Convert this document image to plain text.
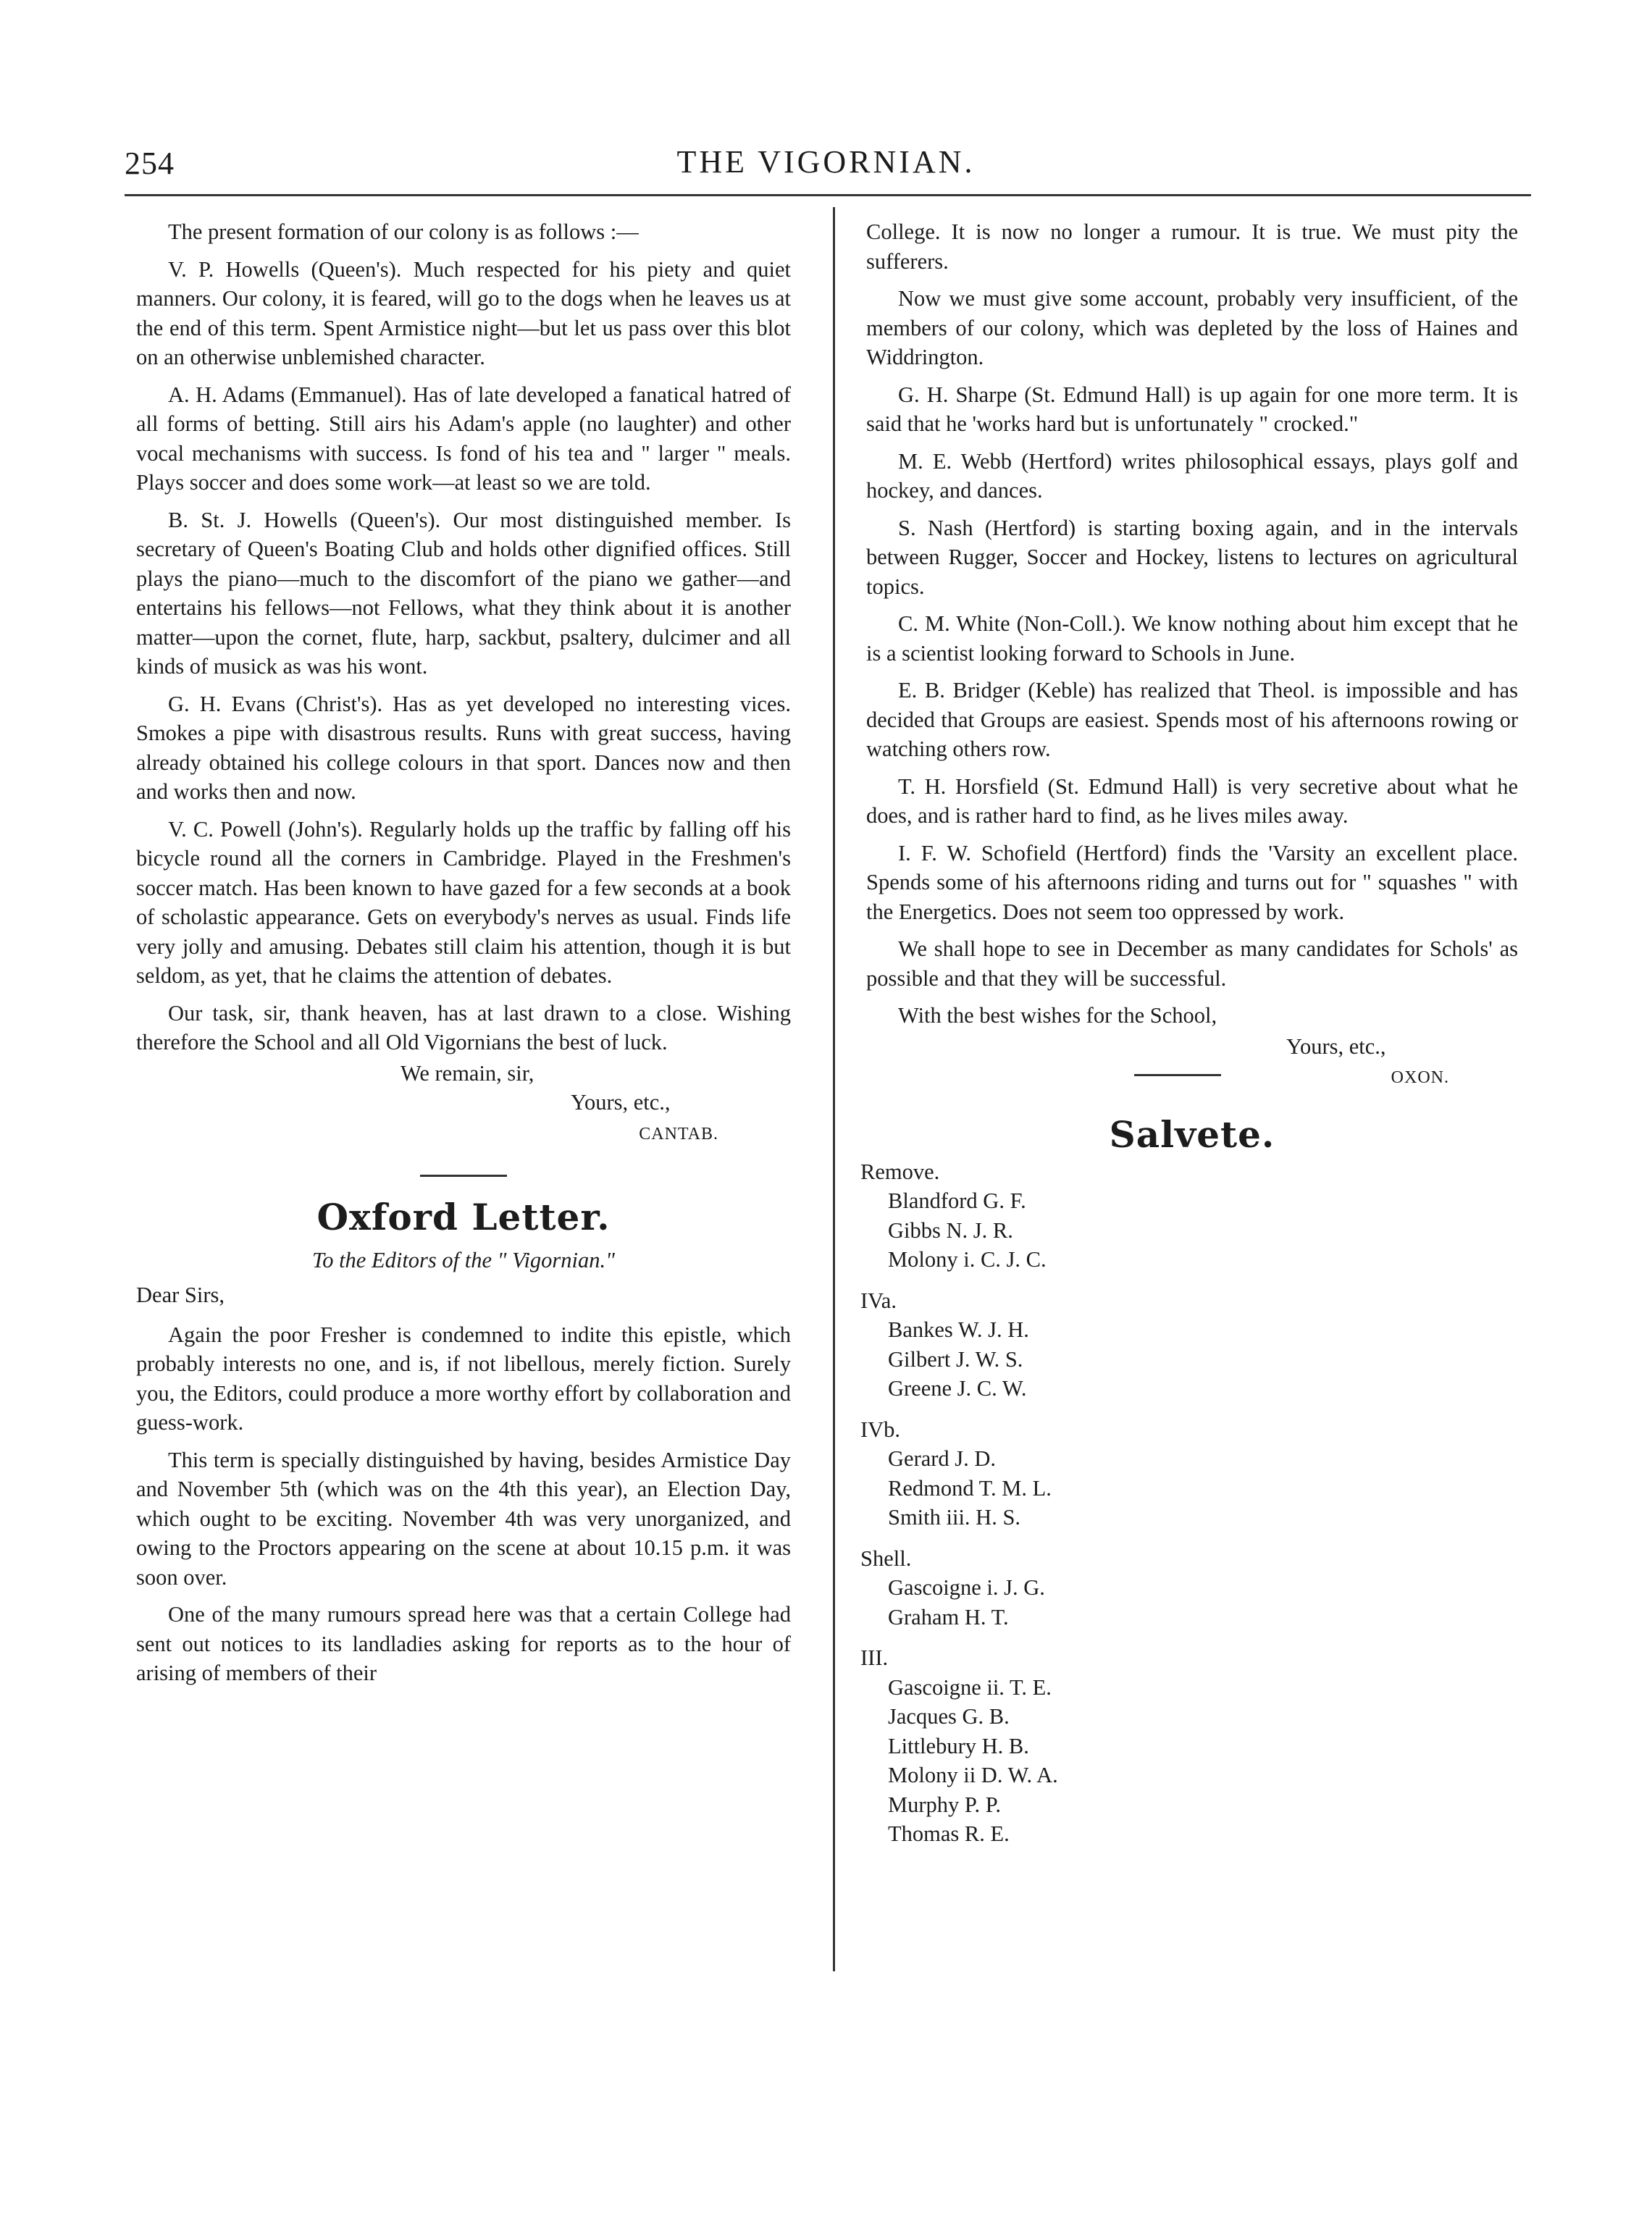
254	THE VIGORNIAN.

The present formation of our colony is as follows :—

V. P. Howells (Queen's). Much respected for his piety and quiet manners. Our colony, it is feared, will go to the dogs when he leaves us at the end of this term. Spent Armistice night—but let us pass over this blot on an otherwise unblemished character.

A. H. Adams (Emmanuel). Has of late developed a fanatical hatred of all forms of betting. Still airs his Adam's apple (no laughter) and other vocal mechanisms with success. Is fond of his tea and " larger " meals. Plays soccer and does some work—at least so we are told.

B. St. J. Howells (Queen's). Our most distinguished member. Is secretary of Queen's Boating Club and holds other dignified offices. Still plays the piano—much to the discomfort of the piano we gather—and entertains his fellows—not Fellows, what they think about it is another matter—upon the cornet, flute, harp, sackbut, psaltery, dulcimer and all kinds of musick as was his wont.

G. H. Evans (Christ's). Has as yet developed no interesting vices. Smokes a pipe with disastrous results. Runs with great success, having already obtained his college colours in that sport. Dances now and then and works then and now.

V. C. Powell (John's). Regularly holds up the traffic by falling off his bicycle round all the corners in Cambridge. Played in the Freshmen's soccer match. Has been known to have gazed for a few seconds at a book of scholastic appearance. Gets on everybody's nerves as usual. Finds life very jolly and amusing. Debates still claim his attention, though it is but seldom, as yet, that he claims the attention of debates.

Our task, sir, thank heaven, has at last drawn to a close. Wishing therefore the School and all Old Vigornians the best of luck.

We remain, sir,
Yours, etc.,
CANTAB.
Oxford Letter.
To the Editors of the " Vigornian."
Dear Sirs,

Again the poor Fresher is condemned to indite this epistle, which probably interests no one, and is, if not libellous, merely fiction. Surely you, the Editors, could produce a more worthy effort by collaboration and guess-work.

This term is specially distinguished by having, besides Armistice Day and November 5th (which was on the 4th this year), an Election Day, which ought to be exciting. November 4th was very unorganized, and owing to the Proctors appearing on the scene at about 10.15 p.m. it was soon over.

One of the many rumours spread here was that a certain College had sent out notices to its landladies asking for reports as to the hour of arising of members of their

College. It is now no longer a rumour. It is true. We must pity the sufferers.

Now we must give some account, probably very insufficient, of the members of our colony, which was depleted by the loss of Haines and Widdrington.

G. H. Sharpe (St. Edmund Hall) is up again for one more term. It is said that he 'works hard but is unfortunately " crocked."

M. E. Webb (Hertford) writes philosophical essays, plays golf and hockey, and dances.

S. Nash (Hertford) is starting boxing again, and in the intervals between Rugger, Soccer and Hockey, listens to lectures on agricultural topics.

C. M. White (Non-Coll.). We know nothing about him except that he is a scientist looking forward to Schools in June.

E. B. Bridger (Keble) has realized that Theol. is impossible and has decided that Groups are easiest. Spends most of his afternoons rowing or watching others row.

T. H. Horsfield (St. Edmund Hall) is very secretive about what he does, and is rather hard to find, as he lives miles away.

I. F. W. Schofield (Hertford) finds the 'Varsity an excellent place. Spends some of his afternoons riding and turns out for " squashes " with the Energetics. Does not seem too oppressed by work.

We shall hope to see in December as many candidates for Schols' as possible and that they will be successful.

With the best wishes for the School,

Yours, etc.,
OXON.
Salvete.
Remove.
Blandford G. F.
Gibbs N. J. R.
Molony i. C. J. C.
IVa.
Bankes W. J. H.
Gilbert J. W. S.
Greene J. C. W.
IVb.
Gerard J. D.
Redmond T. M. L.
Smith iii. H. S.
Shell.
Gascoigne i. J. G.
Graham H. T.
III.
Gascoigne ii. T. E.
Jacques G. B.
Littlebury H. B.
Molony ii D. W. A.
Murphy P. P.
Thomas R. E.
